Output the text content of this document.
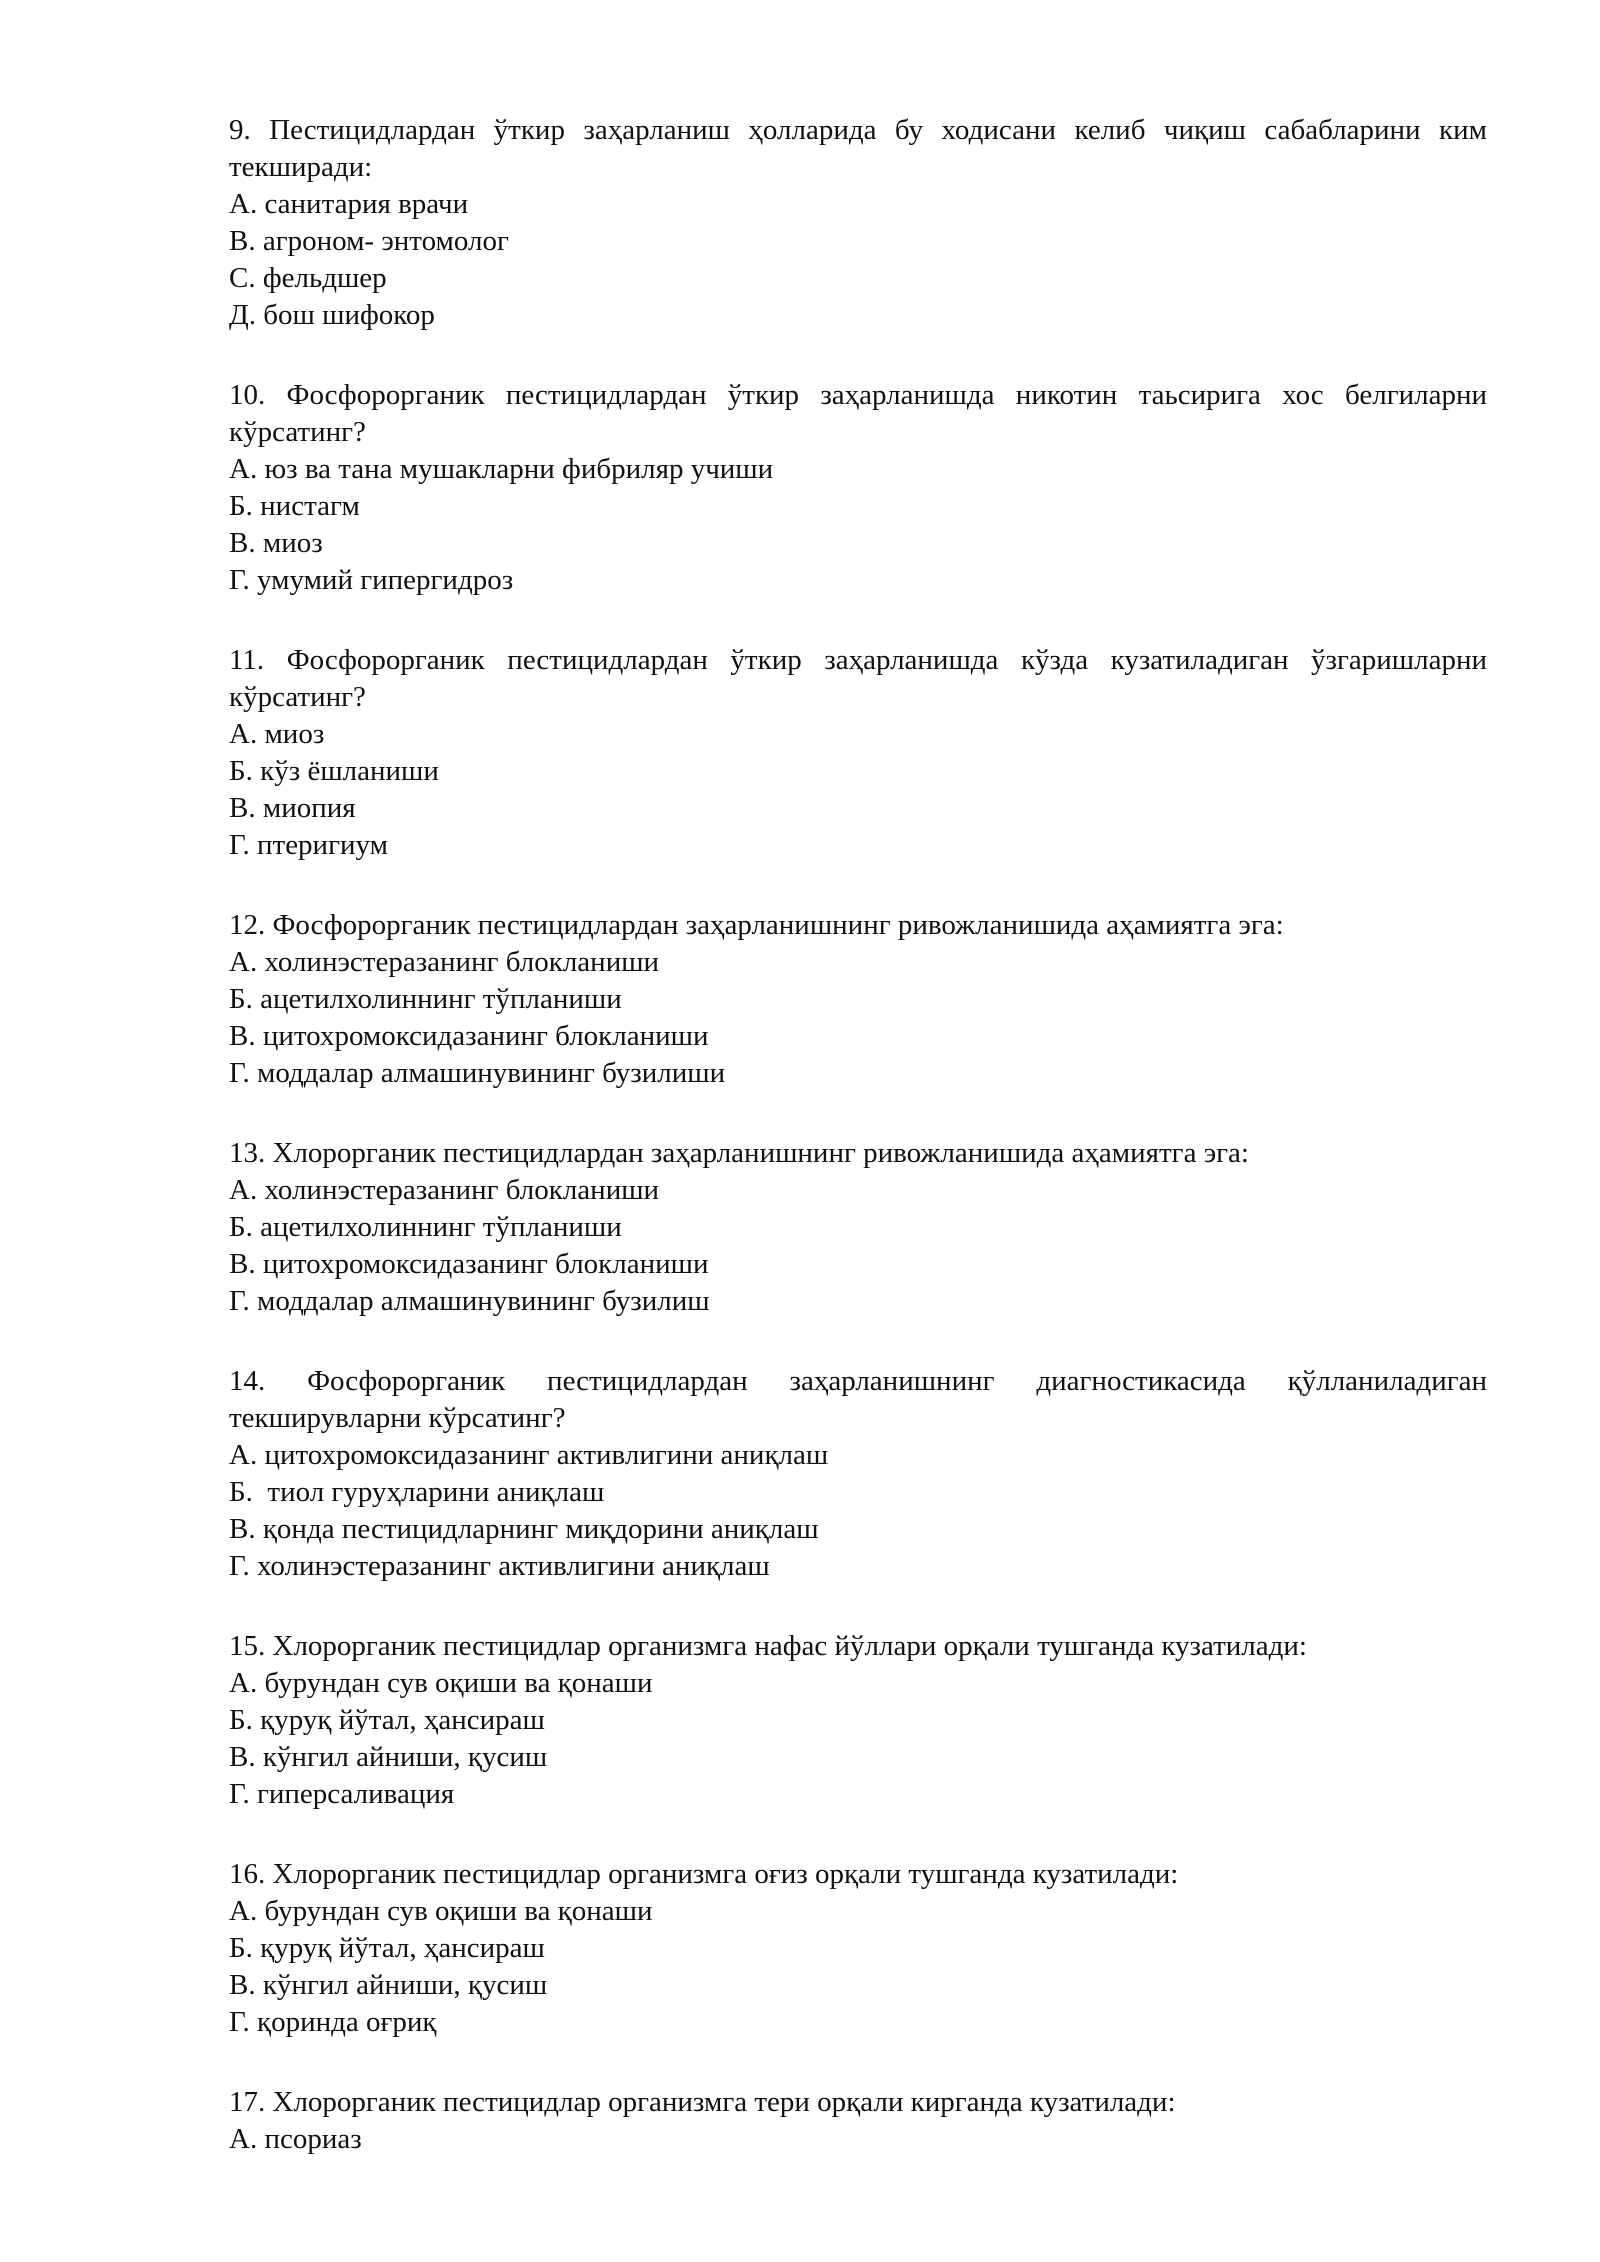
9. Пестицидлардан ўткир заҳарланиш ҳолларида бу ходисани келиб чиқиш сабабларини ким текширади:

А. санитария врачи

В. агроном- энтомолог

С. фельдшер

Д. бош шифокор

10. Фосфорорганик пестицидлардан ўткир заҳарланишда никотин таьсирига хос белгиларни кўрсатинг?

А. юз ва тана мушакларни фибриляр учиши

Б. нистагм

В. миоз

Г. умумий гипергидроз

11. Фосфорорганик пестицидлардан ўткир заҳарланишда кўзда кузатиладиган ўзгаришларни кўрсатинг?

А. миоз

Б. кўз ёшланиши

В. миопия

Г. птеригиум

12. Фосфорорганик пестицидлардан заҳарланишнинг ривожланишида аҳамиятга эга:

А. холинэстеразанинг блокланиши

Б. ацетилхолиннинг тўпланиши

В. цитохромоксидазанинг блокланиши

Г. моддалар алмашинувининг бузилиши

13. Хлорорганик пестицидлардан заҳарланишнинг ривожланишида аҳамиятга эга:

А. холинэстеразанинг блокланиши

Б. ацетилхолиннинг тўпланиши

В. цитохромоксидазанинг блокланиши

Г. моддалар алмашинувининг бузилиш

14. Фосфорорганик пестицидлардан заҳарланишнинг диагностикасида қўлланиладиган текширувларни кўрсатинг?

А. цитохромоксидазанинг активлигини аниқлаш

Б.  тиол гуруҳларини аниқлаш

В. қонда пестицидларнинг миқдорини аниқлаш

Г. холинэстеразанинг активлигини аниқлаш

15. Хлорорганик пестицидлар организмга нафас йўллари орқали тушганда кузатилади:

А. бурундан сув оқиши ва қонаши

Б. қуруқ йўтал, ҳансираш

В. кўнгил айниши, қусиш

Г. гиперсаливация

16. Хлорорганик пестицидлар организмга оғиз орқали тушганда кузатилади:

А. бурундан сув оқиши ва қонаши

Б. қуруқ йўтал, ҳансираш

В. кўнгил айниши, қусиш

Г. қоринда оғриқ

17. Хлорорганик пестицидлар организмга тери орқали кирганда кузатилади:

А. псориаз
